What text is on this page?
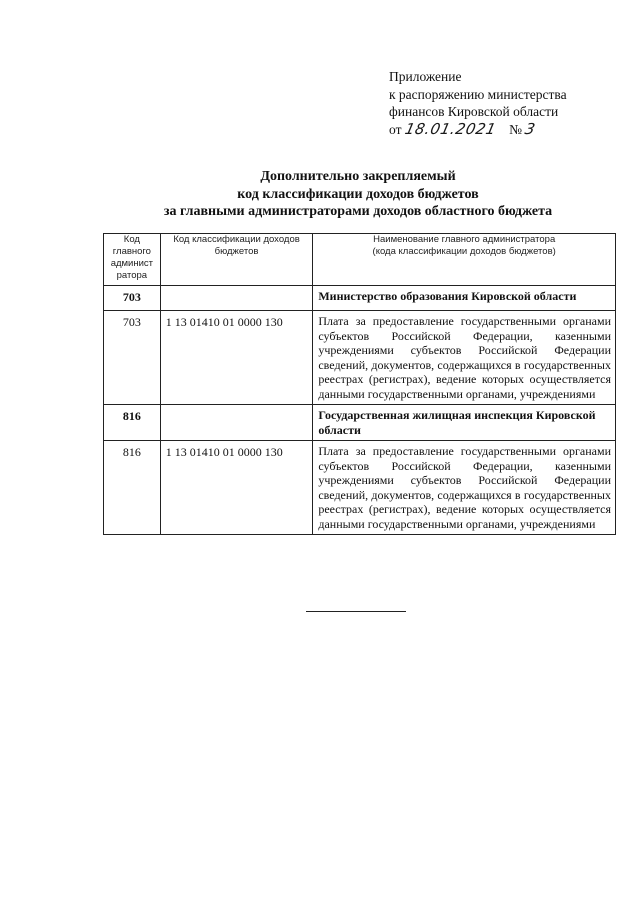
Приложение
к распоряжению министерства
финансов Кировской области
от 18.01.2021 № 3
Дополнительно закрепляемый
код классификации доходов бюджетов
за главными администраторами доходов областного бюджета
Код главного админист ратора	Код классификации доходов бюджетов	Наименование главного администратора
(кода классификации доходов бюджетов)

703		Министерство образования Кировской области
703	1 13 01410 01 0000 130	Плата за предоставление государственными органами субъектов Российской Федерации, казенными учреждениями субъектов Российской Федерации сведений, документов, содержащихся в государственных реестрах (регистрах), ведение которых осуществляется данными государственными органами, учреждениями
816		Государственная жилищная инспекция Кировской области
816	1 13 01410 01 0000 130	Плата за предоставление государственными органами субъектов Российской Федерации, казенными учреждениями субъектов Российской Федерации сведений, документов, содержащихся в государственных реестрах (регистрах), ведение которых осуществляется данными государственными органами, учреждениями
